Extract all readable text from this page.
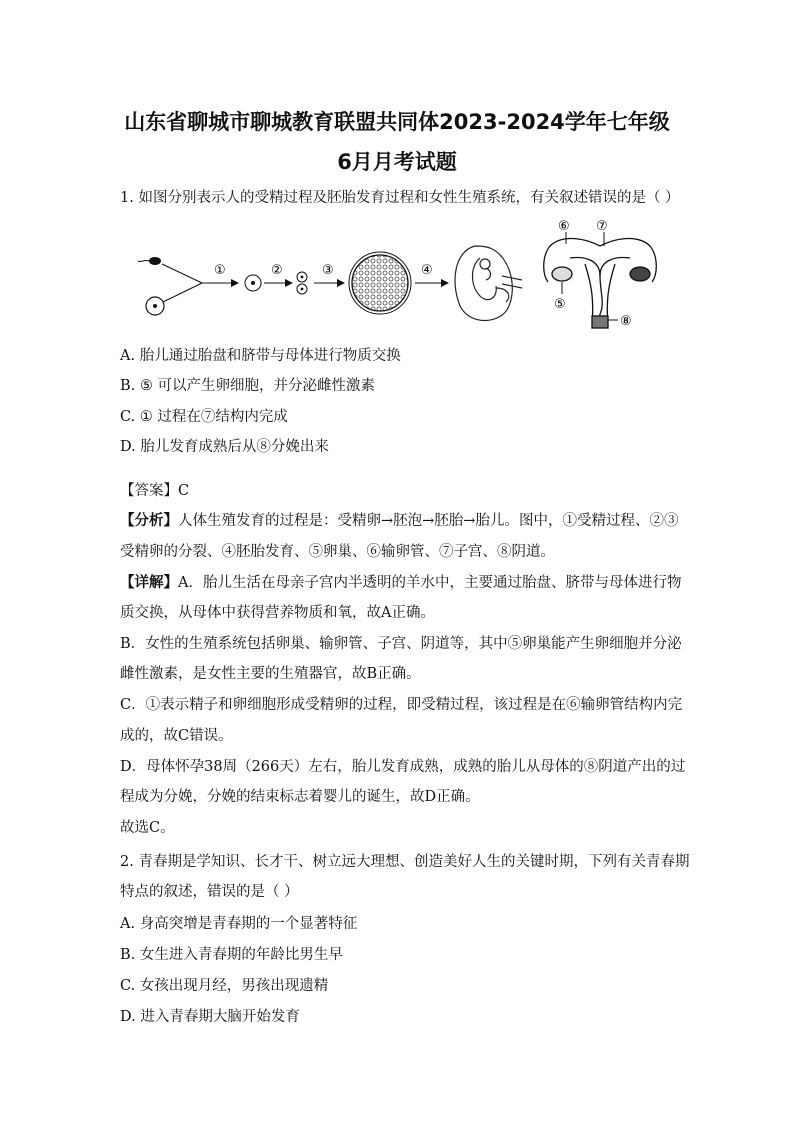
山东省聊城市聊城教育联盟共同体2023-2024学年七年级
6月月考试题
1. 如图分别表示人的受精过程及胚胎发育过程和女性生殖系统，有关叙述错误的是（ ）
①	②	③	④
⑥ ⑦
⑤
⑧
A. 胎儿通过胎盘和脐带与母体进行物质交换
B. ⑤ 可以产生卵细胞，并分泌雌性激素
C. ① 过程在⑦结构内完成
D. 胎儿发育成熟后从⑧分娩出来
【答案】C
【分析】人体生殖发育的过程是：受精卵→胚泡→胚胎→胎儿。图中，①受精过程、②③
受精卵的分裂、④胚胎发育、⑤卵巢、⑥输卵管、⑦子宫、⑧阴道。
【详解】A．胎儿生活在母亲子宫内半透明的羊水中，主要通过胎盘、脐带与母体进行物
质交换，从母体中获得营养物质和氧，故A正确。
B．女性的生殖系统包括卵巢、输卵管、子宫、阴道等，其中⑤卵巢能产生卵细胞并分泌
雌性激素，是女性主要的生殖器官，故B正确。
C．①表示精子和卵细胞形成受精卵的过程，即受精过程，该过程是在⑥输卵管结构内完
成的，故C错误。
D．母体怀孕38周（266天）左右，胎儿发育成熟，成熟的胎儿从母体的⑧阴道产出的过
程成为分娩，分娩的结束标志着婴儿的诞生，故D正确。
故选C。
2. 青春期是学知识、长才干、树立远大理想、创造美好人生的关键时期，下列有关青春期
特点的叙述，错误的是（ ）
A. 身高突增是青春期的一个显著特征
B. 女生进入青春期的年龄比男生早
C. 女孩出现月经，男孩出现遗精
D. 进入青春期大脑开始发育
